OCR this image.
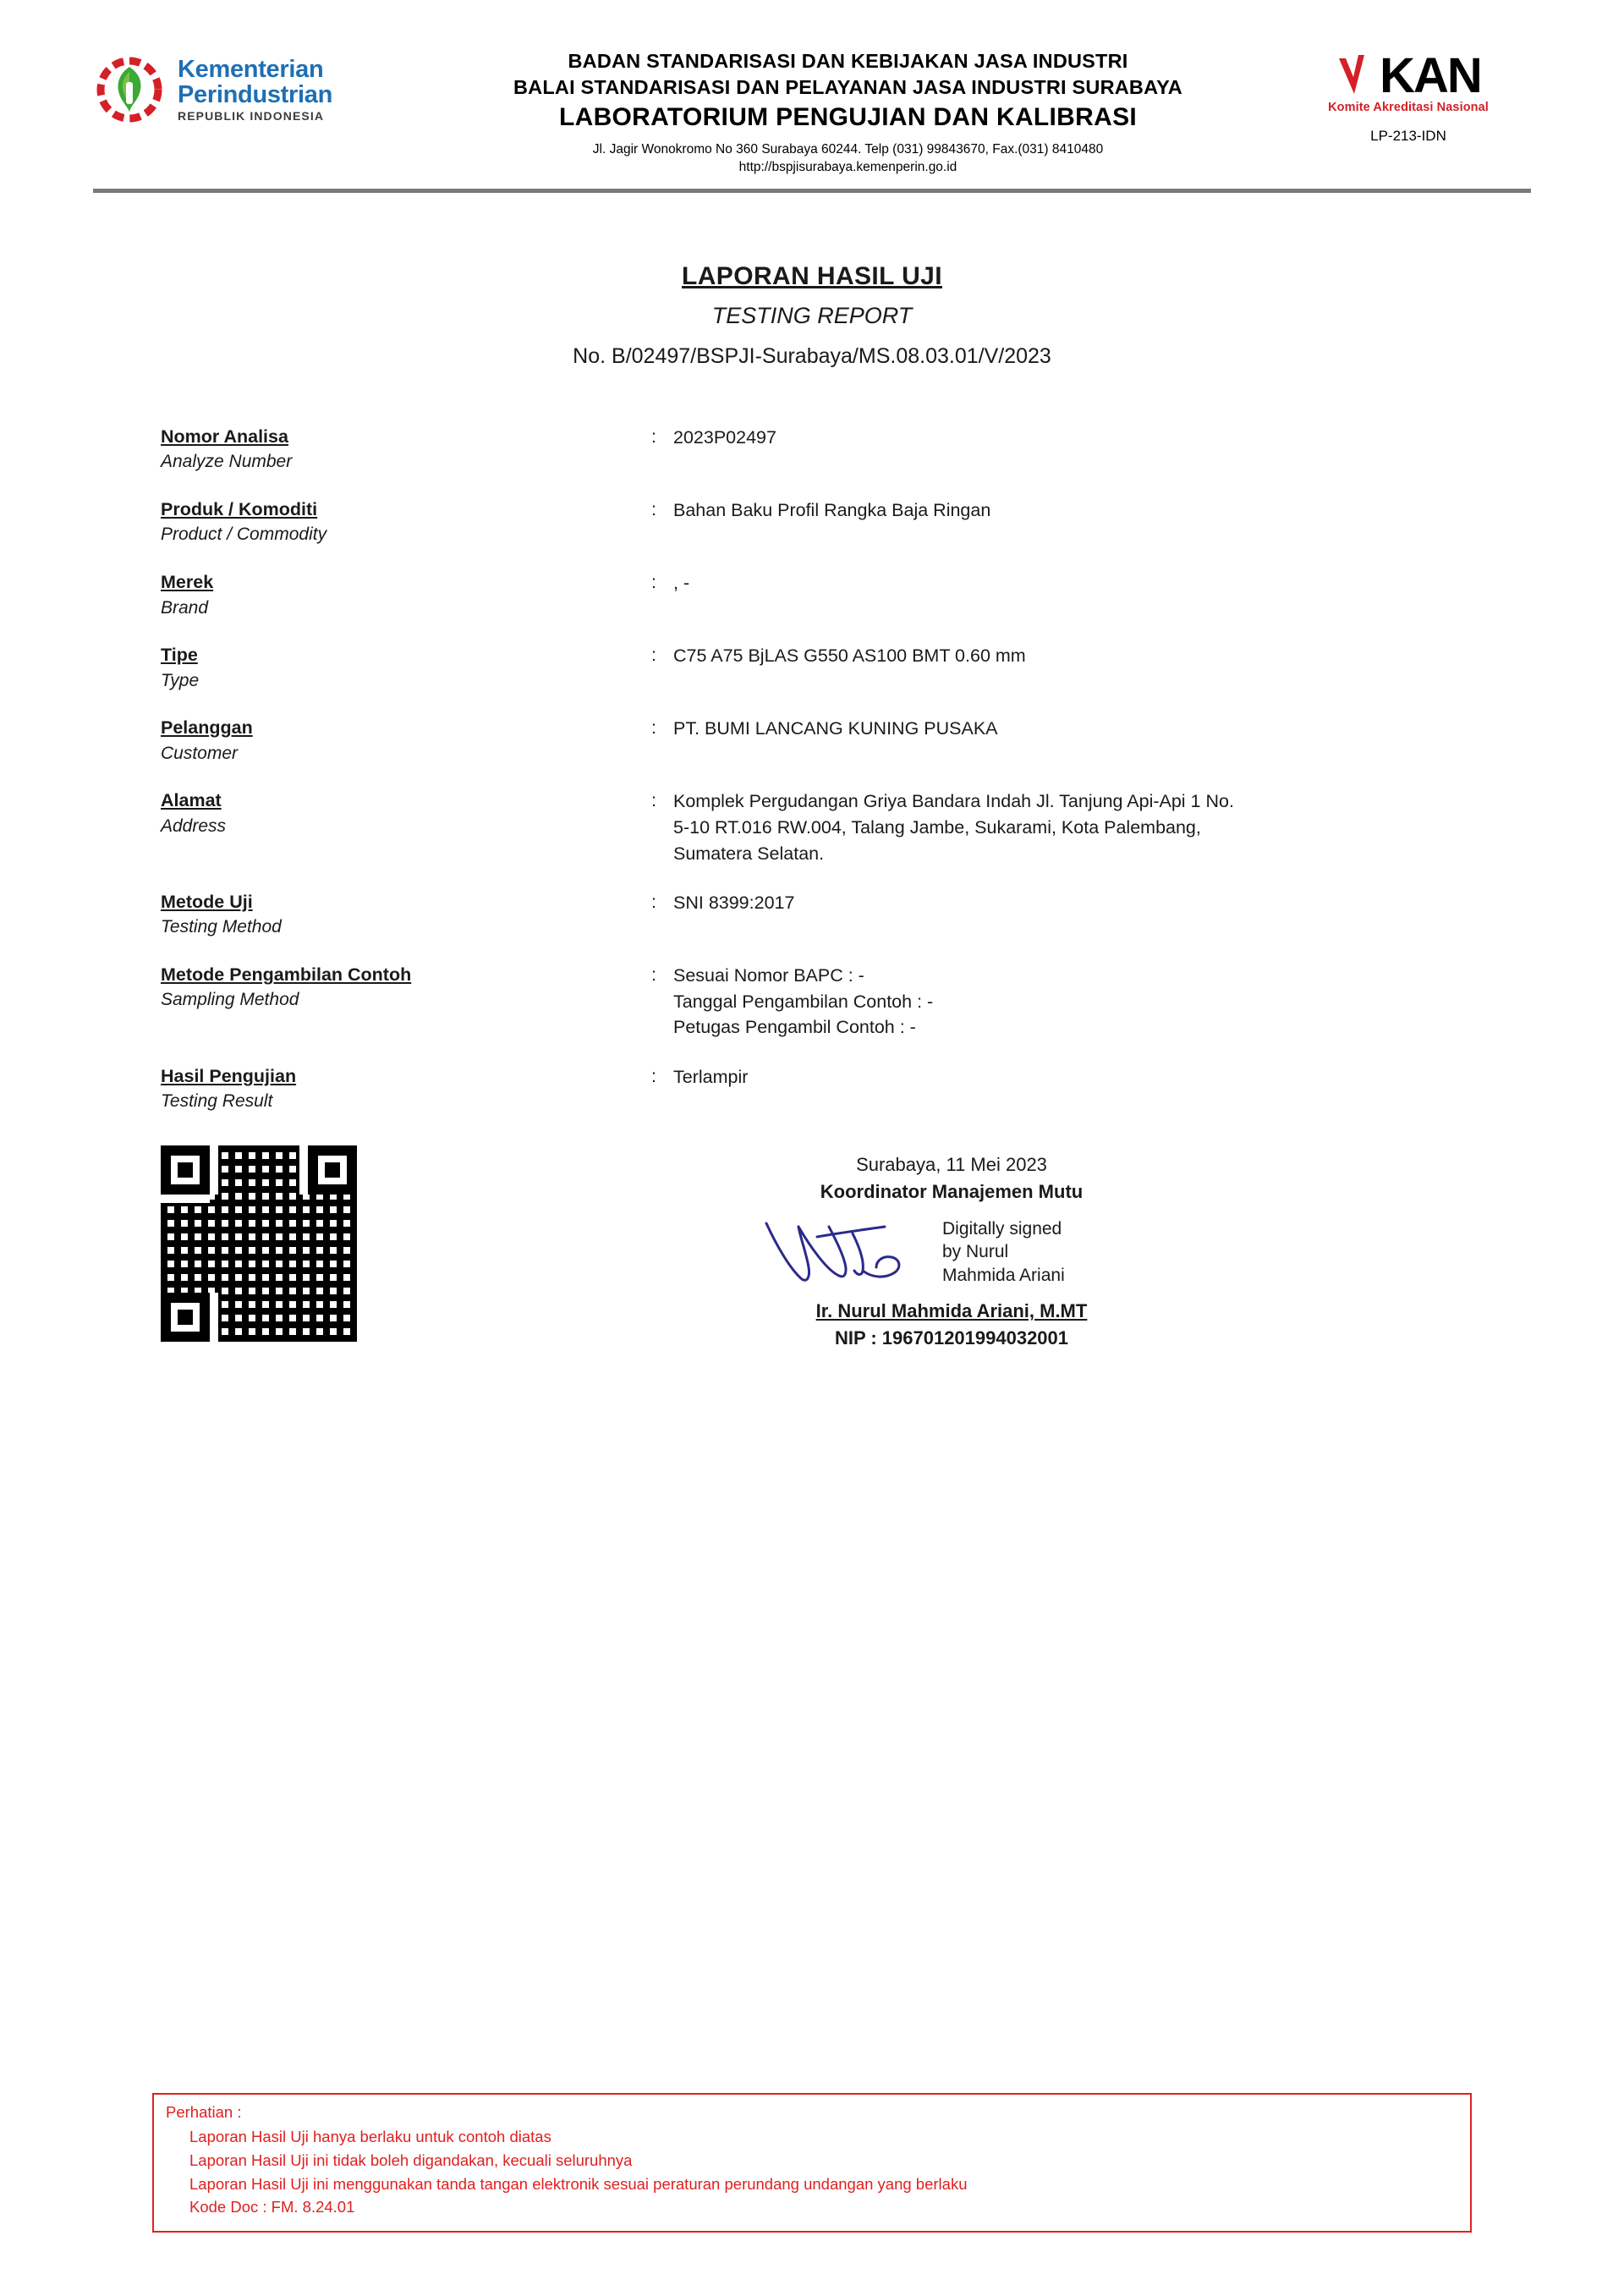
Kementerian
Perindustrian
REPUBLIK INDONESIA
BADAN STANDARISASI DAN KEBIJAKAN JASA INDUSTRI
BALAI STANDARISASI DAN PELAYANAN JASA INDUSTRI SURABAYA
LABORATORIUM PENGUJIAN DAN KALIBRASI
Jl. Jagir Wonokromo No 360 Surabaya 60244. Telp (031) 99843670, Fax.(031) 8410480
http://bspjisurabaya.kemenperin.go.id
KAN
Komite Akreditasi Nasional
LP-213-IDN
LAPORAN HASIL UJI
TESTING REPORT
No. B/02497/BSPJI-Surabaya/MS.08.03.01/V/2023
Nomor Analisa
Analyze Number
: 2023P02497
Produk / Komoditi
Product / Commodity
: Bahan Baku Profil Rangka Baja Ringan
Merek
Brand
: , -
Tipe
Type
: C75 A75 BjLAS G550 AS100 BMT 0.60 mm
Pelanggan
Customer
: PT. BUMI LANCANG KUNING PUSAKA
Alamat
Address
: Komplek Pergudangan Griya Bandara Indah Jl. Tanjung Api-Api 1 No.
5-10 RT.016 RW.004, Talang Jambe, Sukarami, Kota Palembang,
Sumatera Selatan.
Metode Uji
Testing Method
: SNI 8399:2017
Metode Pengambilan Contoh
Sampling Method
: Sesuai Nomor BAPC : -
Tanggal Pengambilan Contoh : -
Petugas Pengambil Contoh : -
Hasil Pengujian
Testing Result
: Terlampir
Surabaya, 11 Mei 2023
Koordinator Manajemen Mutu
Digitally signed
by Nurul
Mahmida Ariani
Ir. Nurul Mahmida Ariani, M.MT
NIP : 196701201994032001
Perhatian :
Laporan Hasil Uji hanya berlaku untuk contoh diatas
Laporan Hasil Uji ini tidak boleh digandakan, kecuali seluruhnya
Laporan Hasil Uji ini menggunakan tanda tangan elektronik sesuai peraturan perundang undangan yang berlaku
Kode Doc : FM. 8.24.01
